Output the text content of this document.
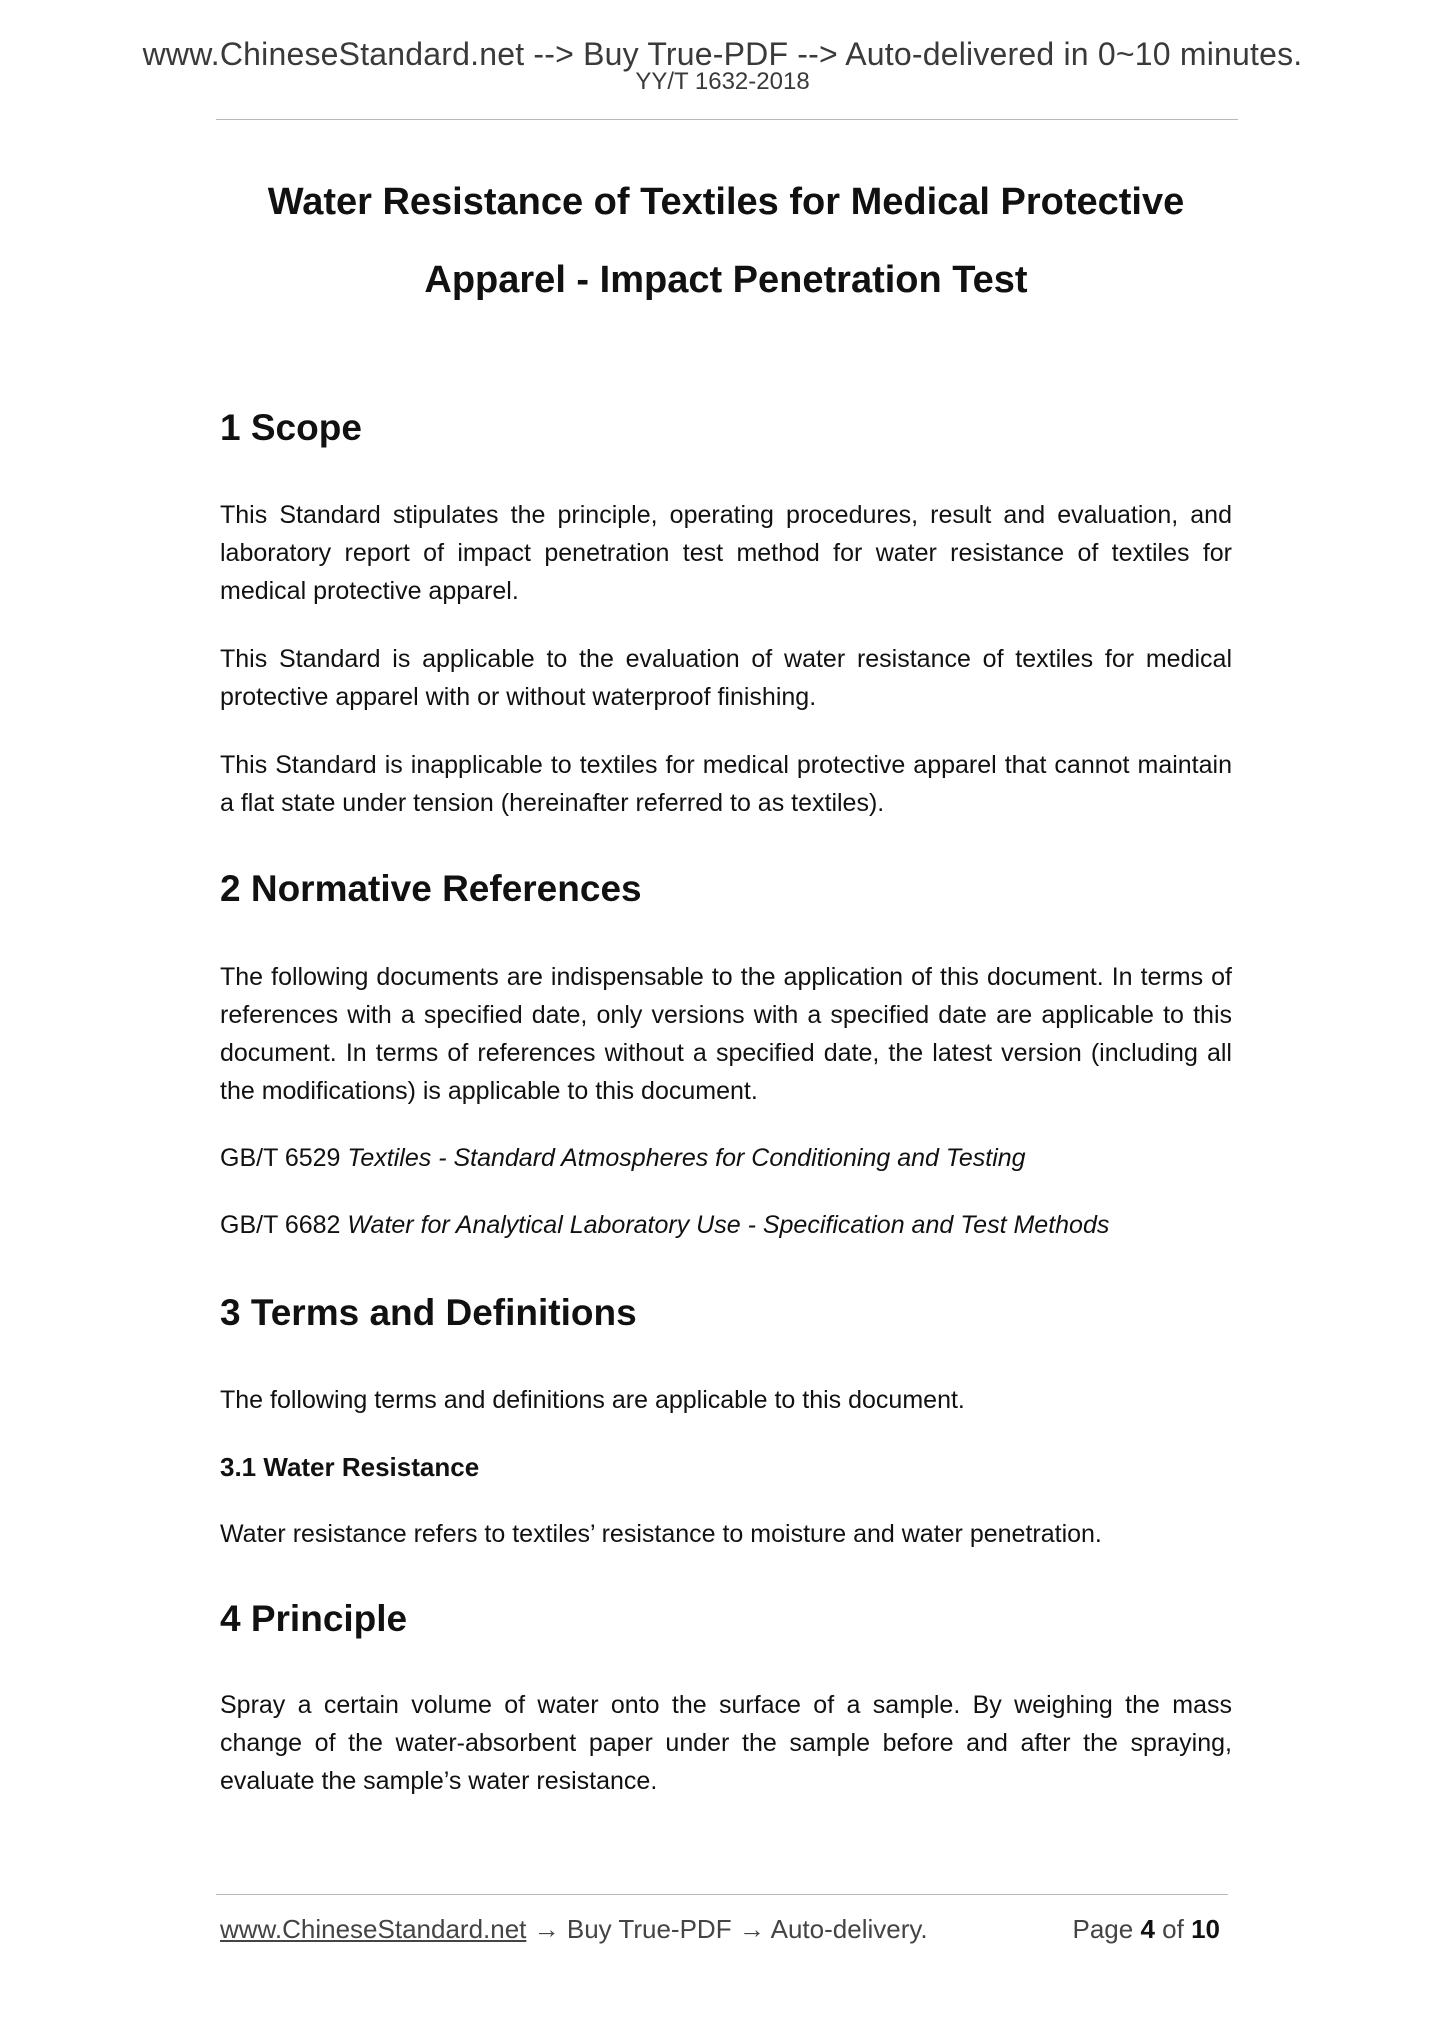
www.ChineseStandard.net --> Buy True-PDF --> Auto-delivered in 0~10 minutes.
YY/T 1632-2018
Water Resistance of Textiles for Medical Protective
Apparel - Impact Penetration Test
1 Scope

This Standard stipulates the principle, operating procedures, result and evaluation, and laboratory report of impact penetration test method for water resistance of textiles for medical protective apparel.

This Standard is applicable to the evaluation of water resistance of textiles for medical protective apparel with or without waterproof finishing.

This Standard is inapplicable to textiles for medical protective apparel that cannot maintain a flat state under tension (hereinafter referred to as textiles).

2 Normative References

The following documents are indispensable to the application of this document. In terms of references with a specified date, only versions with a specified date are applicable to this document. In terms of references without a specified date, the latest version (including all the modifications) is applicable to this document.

GB/T 6529 Textiles - Standard Atmospheres for Conditioning and Testing
GB/T 6682 Water for Analytical Laboratory Use - Specification and Test Methods
3 Terms and Definitions

The following terms and definitions are applicable to this document.

3.1 Water Resistance

Water resistance refers to textiles’ resistance to moisture and water penetration.

4 Principle

Spray a certain volume of water onto the surface of a sample. By weighing the mass change of the water-absorbent paper under the sample before and after the spraying, evaluate the sample’s water resistance.

www.ChineseStandard.net → Buy True-PDF → Auto-delivery.	Page 4 of 10
